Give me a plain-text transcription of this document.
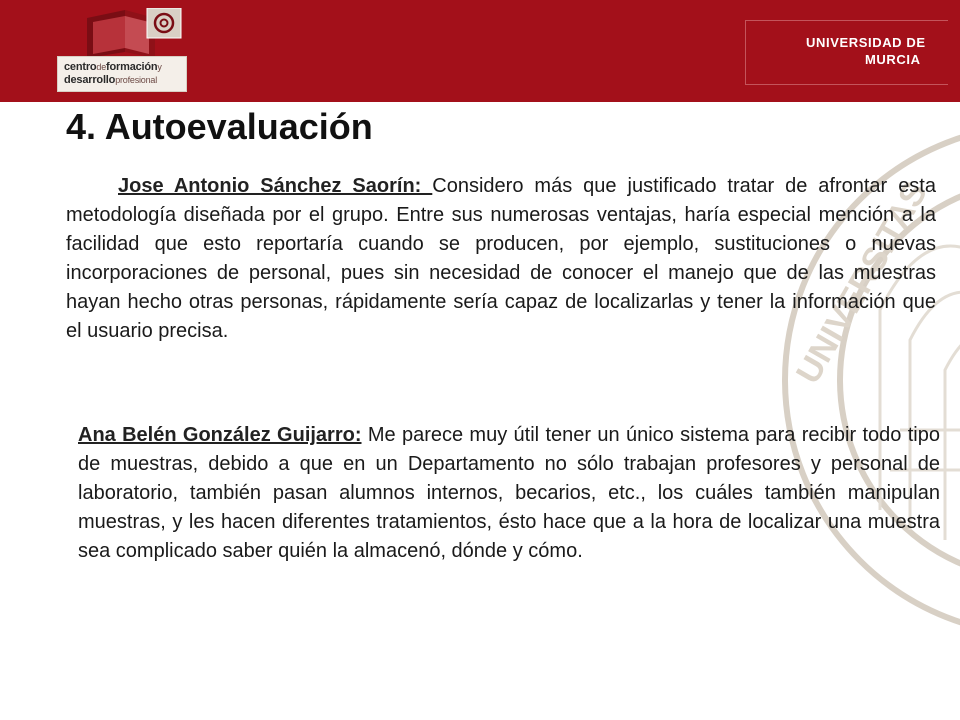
centrodeformacióny
desarrolloprofesional
UNIVERSIDAD DE
MURCIA
UNIVERSITAS
4. Autoevaluación

Jose Antonio Sánchez Saorín: Considero más que justificado tratar de afrontar esta metodología diseñada por el grupo. Entre sus numerosas ventajas, haría especial mención a la facilidad que esto reportaría cuando se producen, por ejemplo, sustituciones o nuevas incorporaciones de personal, pues sin necesidad de conocer el manejo que de las muestras hayan hecho otras personas, rápidamente sería capaz de localizarlas y tener la información que el usuario precisa.

Ana Belén González Guijarro: Me parece muy útil tener un único sistema para recibir todo tipo de muestras, debido a que en un Departamento no sólo trabajan profesores y personal de laboratorio, también pasan alumnos internos, becarios, etc., los cuáles también manipulan muestras, y les hacen diferentes tratamientos, ésto hace que a la hora de localizar una muestra sea complicado saber quién la almacenó, dónde y cómo.
